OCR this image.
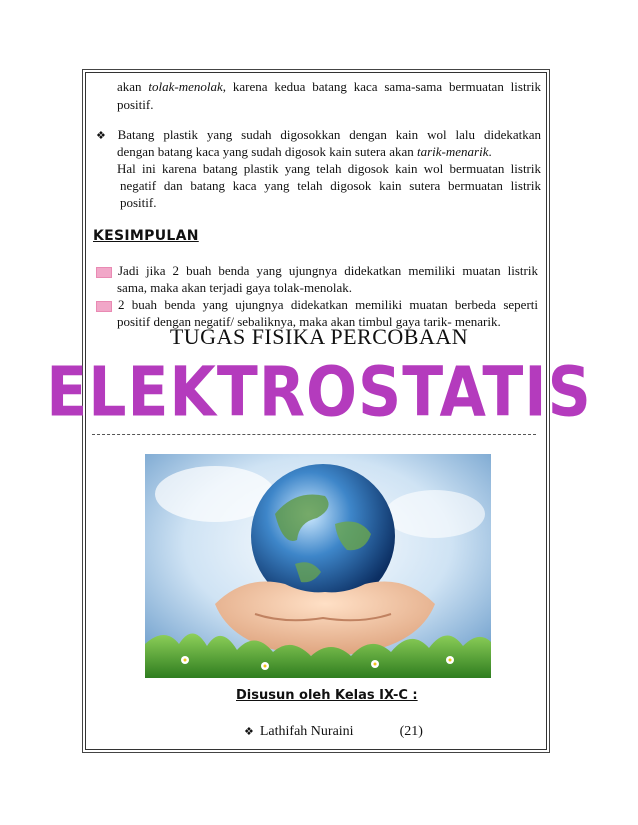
akan tolak-menolak, karena kedua batang kaca sama-sama bermuatan listrik
positif.
❖ Batang plastik yang sudah digosokkan dengan kain wol lalu didekatkan
dengan batang kaca yang sudah digosok kain sutera akan tarik-menarik.
Hal ini karena batang plastik yang telah digosok kain wol bermuatan listrik
negatif dan batang kaca yang telah digosok kain sutera bermuatan listrik
positif.
KESIMPULAN
Jadi jika 2 buah benda yang ujungnya didekatkan memiliki muatan listrik
sama, maka akan terjadi gaya tolak-menolak.
2 buah benda yang ujungnya didekatkan memiliki muatan berbeda seperti
positif dengan negatif/ sebaliknya, maka akan timbul gaya tarik- menarik.
TUGAS FISIKA PERCOBAAN
ELEKTROSTATIS
Disusun oleh Kelas IX-C :
❖ Lathifah Nuraini	(21)
